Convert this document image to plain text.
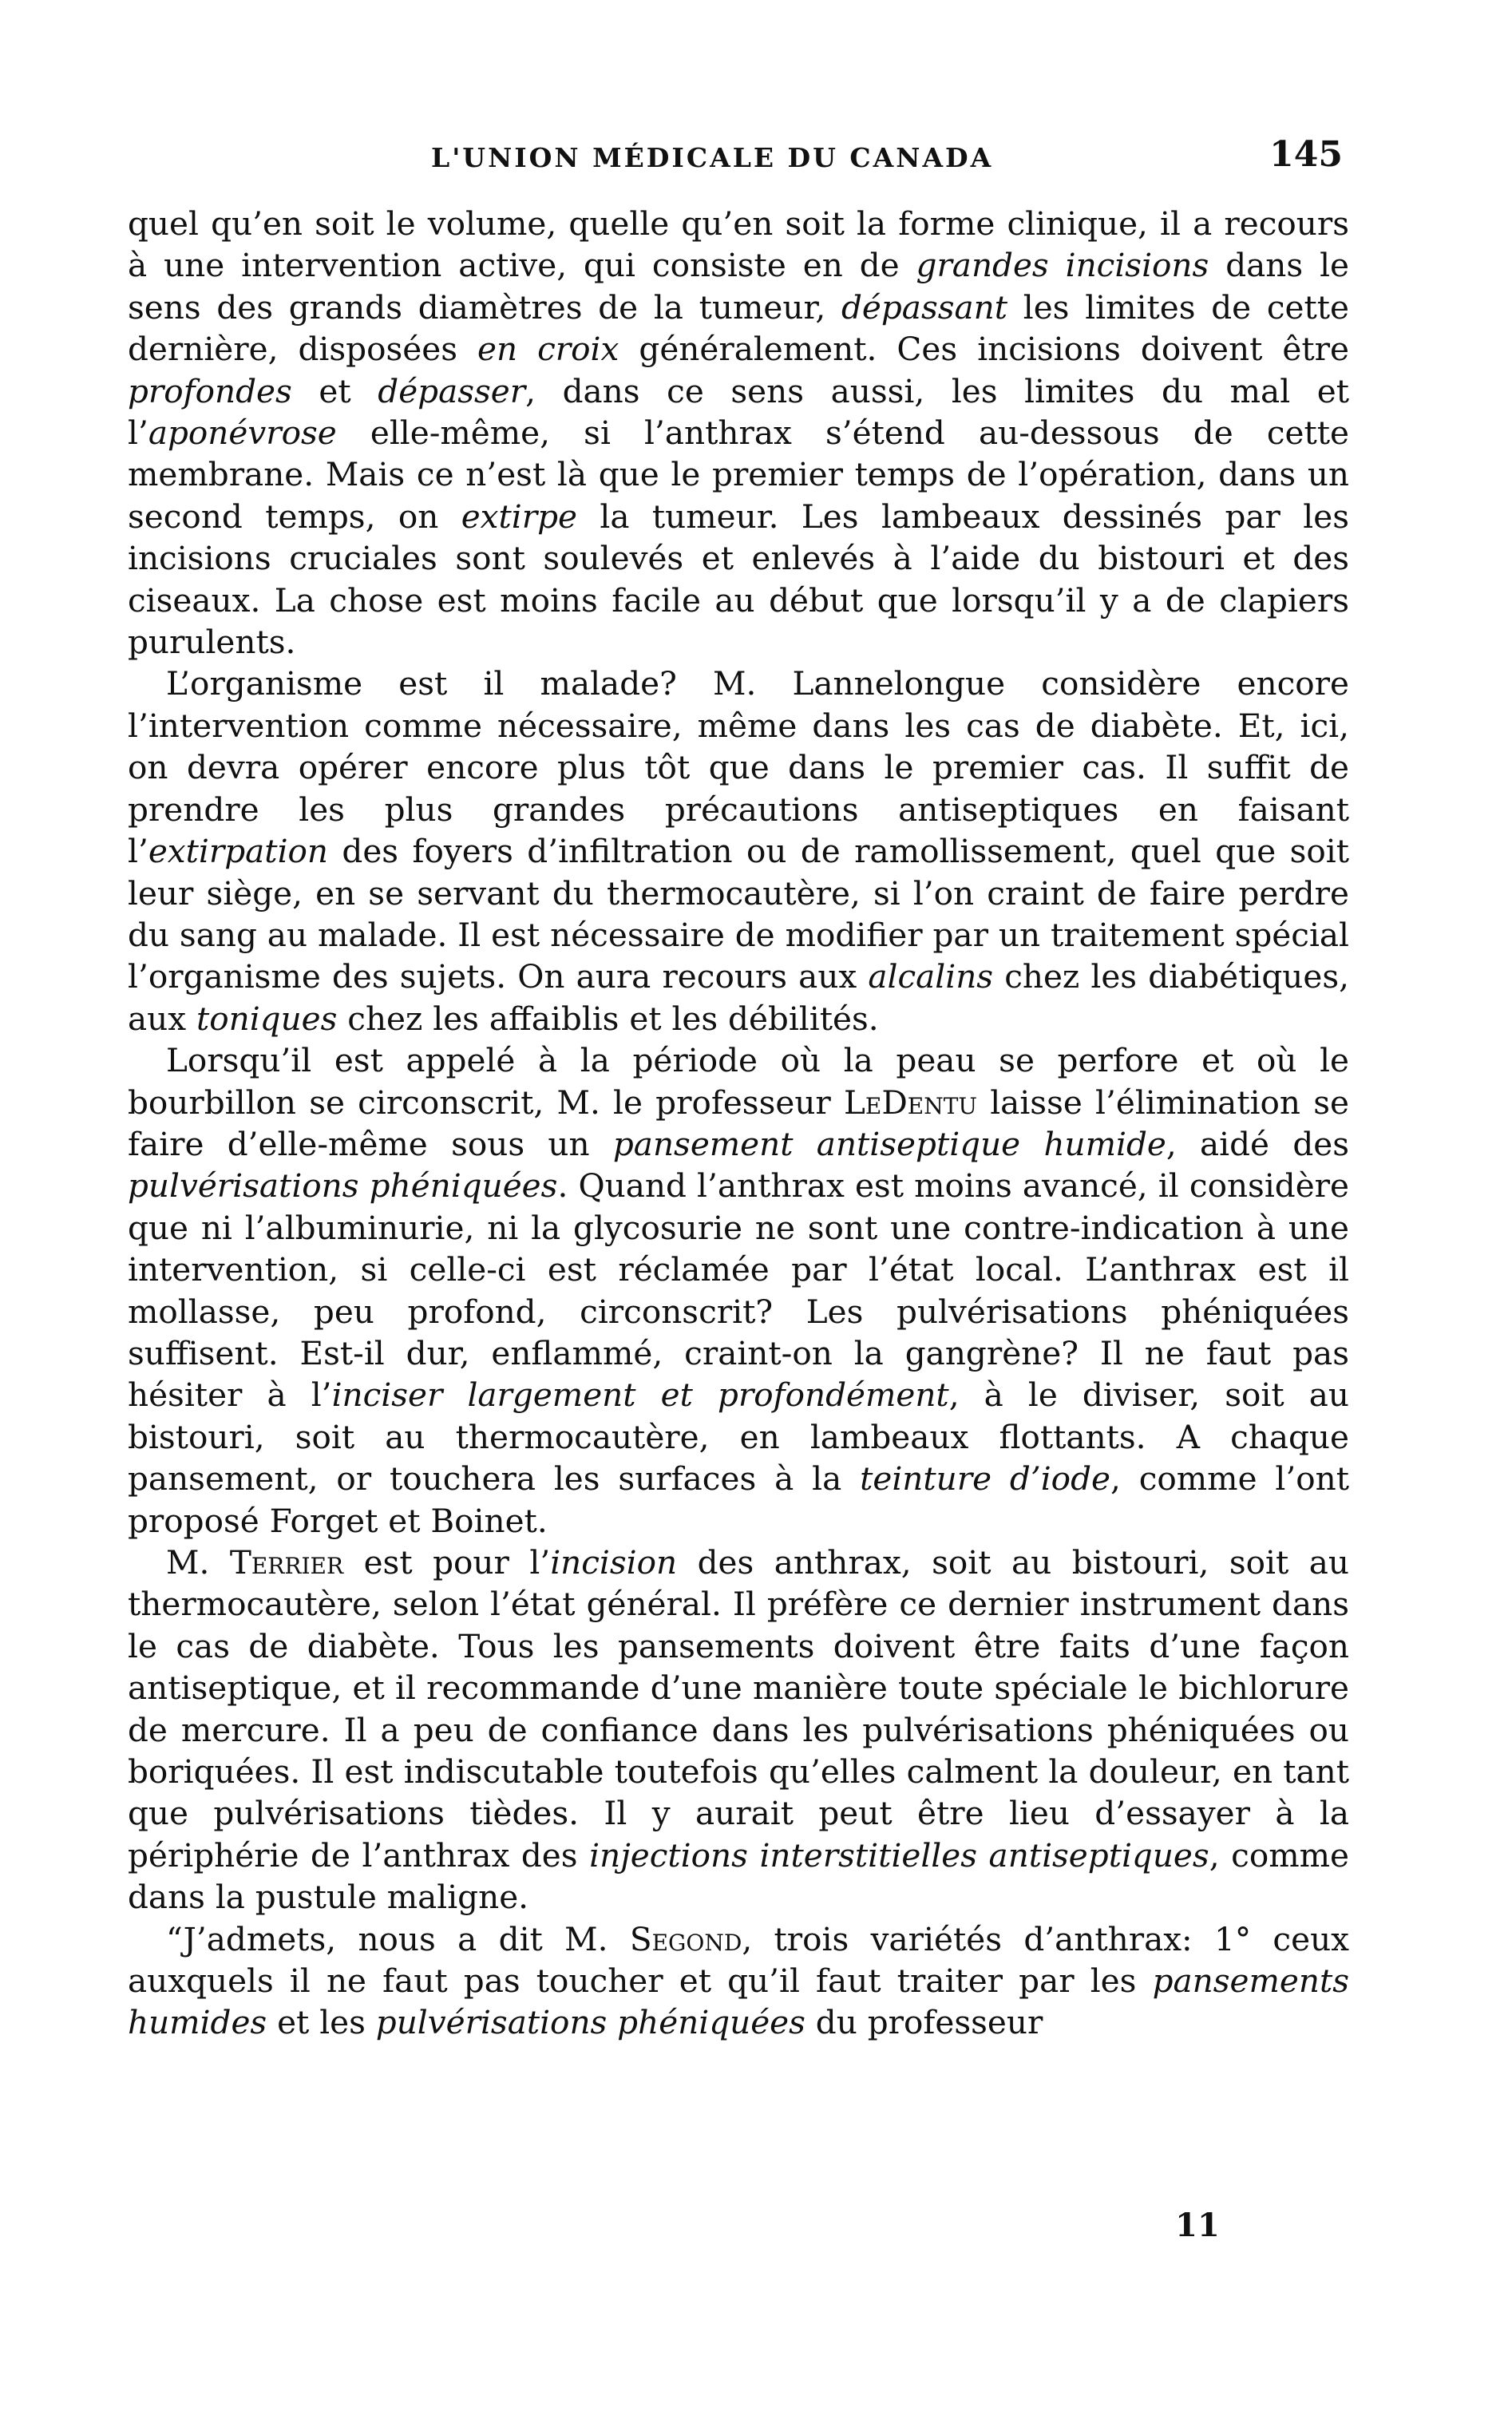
L'UNION MÉDICALE DU CANADA	145

quel qu’en soit le volume, quelle qu’en soit la forme clinique, il a recours à une intervention active, qui consiste en de grandes incisions dans le sens des grands diamètres de la tumeur, dépassant les limites de cette dernière, disposées en croix généralement. Ces incisions doivent être profondes et dépasser, dans ce sens aussi, les limites du mal et l’aponévrose elle-même, si l’anthrax s’étend au-dessous de cette membrane. Mais ce n’est là que le premier temps de l’opération, dans un second temps, on extirpe la tumeur. Les lambeaux dessinés par les incisions cruciales sont soulevés et enlevés à l’aide du bistouri et des ciseaux. La chose est moins facile au début que lorsqu’il y a de clapiers purulents.

L’organisme est il malade? M. Lannelongue considère encore l’intervention comme nécessaire, même dans les cas de diabète. Et, ici, on devra opérer encore plus tôt que dans le premier cas. Il suffit de prendre les plus grandes précautions antiseptiques en faisant l’extirpation des foyers d’infiltration ou de ramollissement, quel que soit leur siège, en se servant du thermocautère, si l’on craint de faire perdre du sang au malade. Il est nécessaire de modifier par un traitement spécial l’organisme des sujets. On aura recours aux alcalins chez les diabétiques, aux toniques chez les affaiblis et les débilités.

Lorsqu’il est appelé à la période où la peau se perfore et où le bourbillon se circonscrit, M. le professeur LeDentu laisse l’élimination se faire d’elle-même sous un pansement antiseptique humide, aidé des pulvérisations phéniquées. Quand l’anthrax est moins avancé, il considère que ni l’albuminurie, ni la glycosurie ne sont une contre-indication à une intervention, si celle-ci est réclamée par l’état local. L’anthrax est il mollasse, peu profond, circonscrit? Les pulvérisations phéniquées suffisent. Est-il dur, enflammé, craint-on la gangrène? Il ne faut pas hésiter à l’inciser largement et profondément, à le diviser, soit au bistouri, soit au thermocautère, en lambeaux flottants. A chaque pansement, or touchera les surfaces à la teinture d’iode, comme l’ont proposé Forget et Boinet.

M. Terrier est pour l’incision des anthrax, soit au bistouri, soit au thermocautère, selon l’état général. Il préfère ce dernier instrument dans le cas de diabète. Tous les pansements doivent être faits d’une façon antiseptique, et il recommande d’une manière toute spéciale le bichlorure de mercure. Il a peu de confiance dans les pulvérisations phéniquées ou boriquées. Il est indiscutable toutefois qu’elles calment la douleur, en tant que pulvérisations tièdes. Il y aurait peut être lieu d’essayer à la périphérie de l’anthrax des injections interstitielles antiseptiques, comme dans la pustule maligne.

“J’admets, nous a dit M. Segond, trois variétés d’anthrax: 1° ceux auxquels il ne faut pas toucher et qu’il faut traiter par les pansements humides et les pulvérisations phéniquées du professeur

11
